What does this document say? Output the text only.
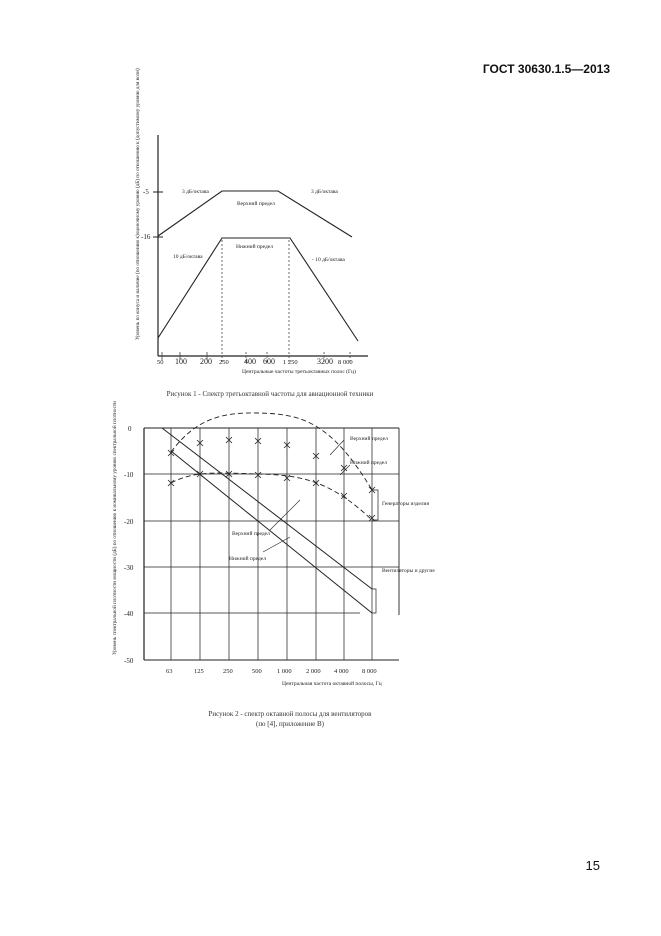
ГОСТ 30630.1.5—2013
-5
-16
Уровень по конуса и наличие (по отношению к)оценочному уровню (дБ) по отношению к (допустимому уровню для волн)
50 100 200 250 400 600 1 250 3200 8 000
Центральные частоты третьоктавных полос (Гц)
3 дБ/октава	3 дБ/октава
Верхний предел
Нижний предел
10 дБ/октава	- 10 дБ/октава
Рисунок 1 - Спектр третьоктавной частоты для авиационной техники
0
-10
-20
-30
-40
-50
Уровень спектральной плотности мощности (дБ) по отношению к номинальному уровню спектральной плотности
63	125	250	500 1 000 2 000 4 000 8 000
Центральная частота октавной полосы, Гц
Верхний предел
Нижний предел
Генераторы изделия
Верхний предел
Нижний предел
Вентиляторы и другие
Рисунок 2 - спектр октавной полосы для вентиляторов
(по [4], приложение В)
15
